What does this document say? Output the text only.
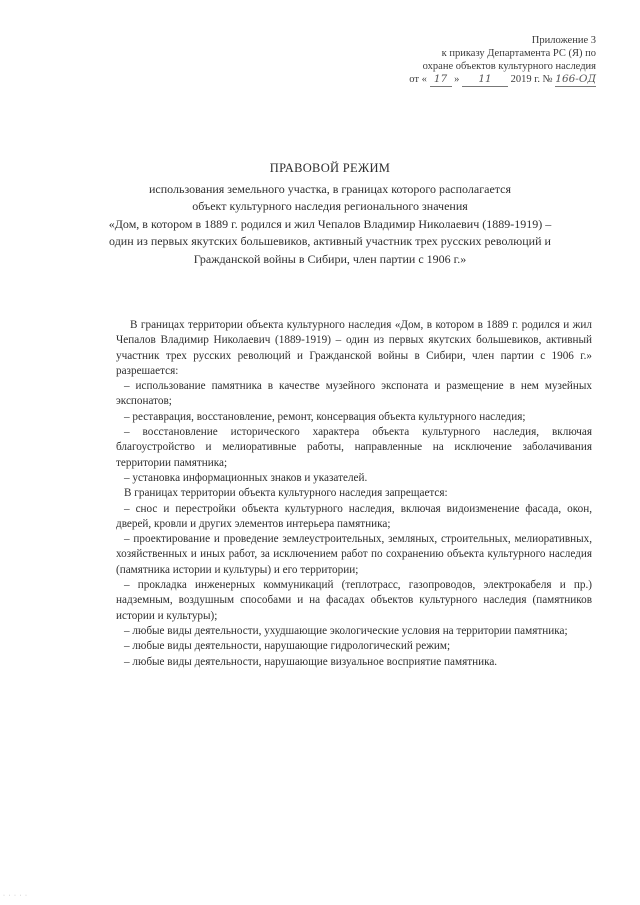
Приложение 3
к приказу Департамента РС (Я) по
охране объектов культурного наследия
от « 17 » 11 2019 г. № 166-ОД
ПРАВОВОЙ РЕЖИМ
использования земельного участка, в границах которого располагается
объект культурного наследия регионального значения
«Дом, в котором в 1889 г. родился и жил Чепалов Владимир Николаевич (1889-1919) –
один из первых якутских большевиков, активный участник трех русских революций и
Гражданской войны в Сибири, член партии с 1906 г.»

В границах территории объекта культурного наследия «Дом, в котором в 1889 г. родился и жил Чепалов Владимир Николаевич (1889-1919) – один из первых якутских большевиков, активный участник трех русских революций и Гражданской войны в Сибири, член партии с 1906 г.» разрешается:

– использование памятника в качестве музейного экспоната и размещение в нем музейных экспонатов;

– реставрация, восстановление, ремонт, консервация объекта культурного наследия;

– восстановление исторического характера объекта культурного наследия, включая благоустройство и мелиоративные работы, направленные на исключение заболачивания территории памятника;

– установка информационных знаков и указателей.

В границах территории объекта культурного наследия запрещается:

– снос и перестройки объекта культурного наследия, включая видоизменение фасада, окон, дверей, кровли и других элементов интерьера памятника;

– проектирование и проведение землеустроительных, земляных, строительных, мелиоративных, хозяйственных и иных работ, за исключением работ по сохранению объекта культурного наследия (памятника истории и культуры) и его территории;

– прокладка инженерных коммуникаций (теплотрасс, газопроводов, электрокабеля и пр.) надземным, воздушным способами и на фасадах объектов культурного наследия (памятников истории и культуры);

– любые виды деятельности, ухудшающие экологические условия на территории памятника;

– любые виды деятельности, нарушающие гидрологический режим;

– любые виды деятельности, нарушающие визуальное восприятие памятника.

· · · · ·
